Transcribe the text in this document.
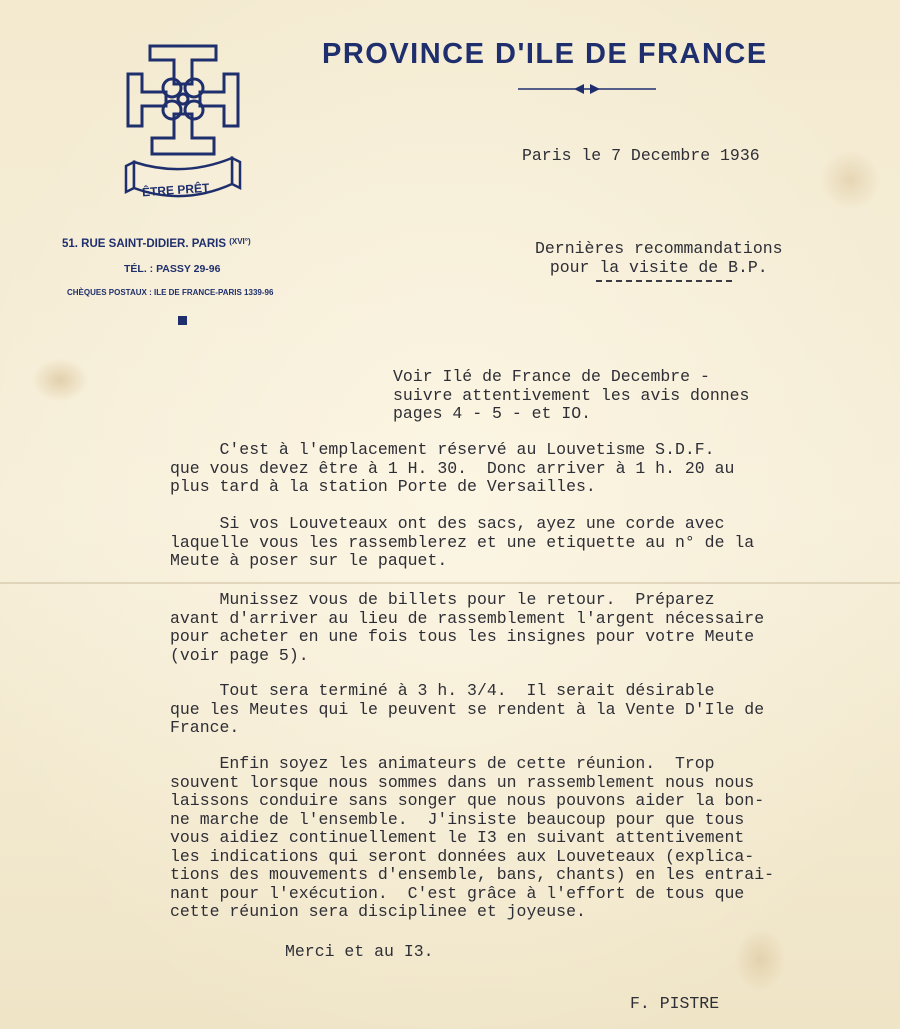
ÊTRE PRÊT
PROVINCE D'ILE DE FRANCE
51. RUE SAINT-DIDIER. PARIS $^{(XVI^\circ)}$
TÉL. : PASSY 29-96
CHÈQUES POSTAUX : ILE DE FRANCE-PARIS 1339-96
Paris le 7 Decembre 1936
Dernières recommandations
pour la visite de B.P.
Voir Ilé de France de Decembre -
suivre attentivement les avis donnes
pages 4 - 5 - et IO.
C'est à l'emplacement réservé au Louvetisme S.D.F.
que vous devez être à 1 H. 30.  Donc arriver à 1 h. 20 au
plus tard à la station Porte de Versailles.
Si vos Louveteaux ont des sacs, ayez une corde avec
laquelle vous les rassemblerez et une etiquette au n° de la
Meute à poser sur le paquet.
Munissez vous de billets pour le retour.  Préparez
avant d'arriver au lieu de rassemblement l'argent nécessaire
pour acheter en une fois tous les insignes pour votre Meute
(voir page 5).
Tout sera terminé à 3 h. 3/4.  Il serait désirable
que les Meutes qui le peuvent se rendent à la Vente D'Ile de
France.
Enfin soyez les animateurs de cette réunion.  Trop
souvent lorsque nous sommes dans un rassemblement nous nous
laissons conduire sans songer que nous pouvons aider la bon-
ne marche de l'ensemble.  J'insiste beaucoup pour que tous
vous aidiez continuellement le I3 en suivant attentivement
les indications qui seront données aux Louveteaux (explica-
tions des mouvements d'ensemble, bans, chants) en les entrai-
nant pour l'exécution.  C'est grâce à l'effort de tous que
cette réunion sera disciplinee et joyeuse.
Merci et au I3.
F. PISTRE
